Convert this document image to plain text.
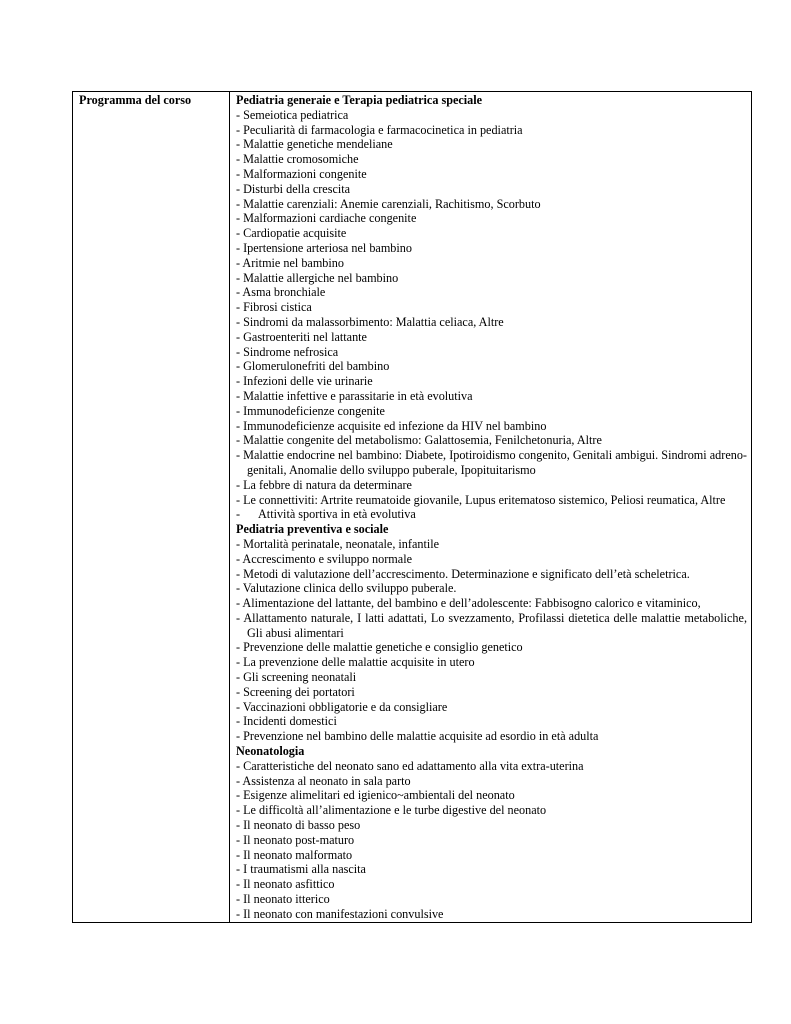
Programma del corso	Pediatria generaie e Terapia pediatrica speciale
- Semeiotica pediatrica
- Peculiarità di farmacologia e farmacocinetica in pediatria
- Malattie genetiche mendeliane
- Malattie cromosomiche
- Malformazioni congenite
- Disturbi della crescita
- Malattie carenziali: Anemie carenziali, Rachitismo, Scorbuto
- Malformazioni cardiache congenite
- Cardiopatie acquisite
- Ipertensione arteriosa nel bambino
- Aritmie nel bambino
- Malattie allergiche nel bambino
- Asma bronchiale
- Fibrosi cistica
- Sindromi da malassorbimento: Malattia celiaca, Altre
- Gastroenteriti nel lattante
- Sindrome nefrosica
- Glomerulonefriti del bambino
- Infezioni delle vie urinarie
- Malattie infettive e parassitarie in età evolutiva
- Immunodeficienze congenite
- Immunodeficienze acquisite ed infezione da HIV nel bambino
- Malattie congenite del metabolismo: Galattosemia, Fenilchetonuria, Altre
- Malattie endocrine nel bambino: Diabete, Ipotiroidismo congenito, Genitali ambigui. Sindromi adreno-genitali, Anomalie dello sviluppo puberale, Ipopituitarismo
- La febbre di natura da determinare
- Le connettiviti: Artrite reumatoide giovanile, Lupus eritematoso sistemico, Peliosi reumatica, Altre
- Attività sportiva in età evolutiva
Pediatria preventiva e sociale
- Mortalità perinatale, neonatale, infantile
- Accrescimento e sviluppo normale
- Metodi di valutazione dell’accrescimento. Determinazione e significato dell’età scheletrica.
- Valutazione clinica dello sviluppo puberale.
- Alimentazione del lattante, del bambino e dell’adolescente: Fabbisogno calorico e vitaminico,
- Allattamento naturale, I latti adattati, Lo svezzamento, Profilassi dietetica delle malattie metaboliche, Gli abusi alimentari
- Prevenzione delle malattie genetiche e consiglio genetico
- La prevenzione delle malattie acquisite in utero
- Gli screening neonatali
- Screening dei portatori
- Vaccinazioni obbligatorie e da consigliare
- Incidenti domestici
- Prevenzione nel bambino delle malattie acquisite ad esordio in età adulta
Neonatologia
- Caratteristiche del neonato sano ed adattamento alla vita extra-uterina
- Assistenza al neonato in sala parto
- Esigenze alimelitari ed igienico~ambientali del neonato
- Le difficoltà all’alimentazione e le turbe digestive del neonato
- Il neonato di basso peso
- Il neonato post-maturo
- Il neonato malformato
- I traumatismi alla nascita
- Il neonato asfittico
- Il neonato itterico
- Il neonato con manifestazioni convulsive
